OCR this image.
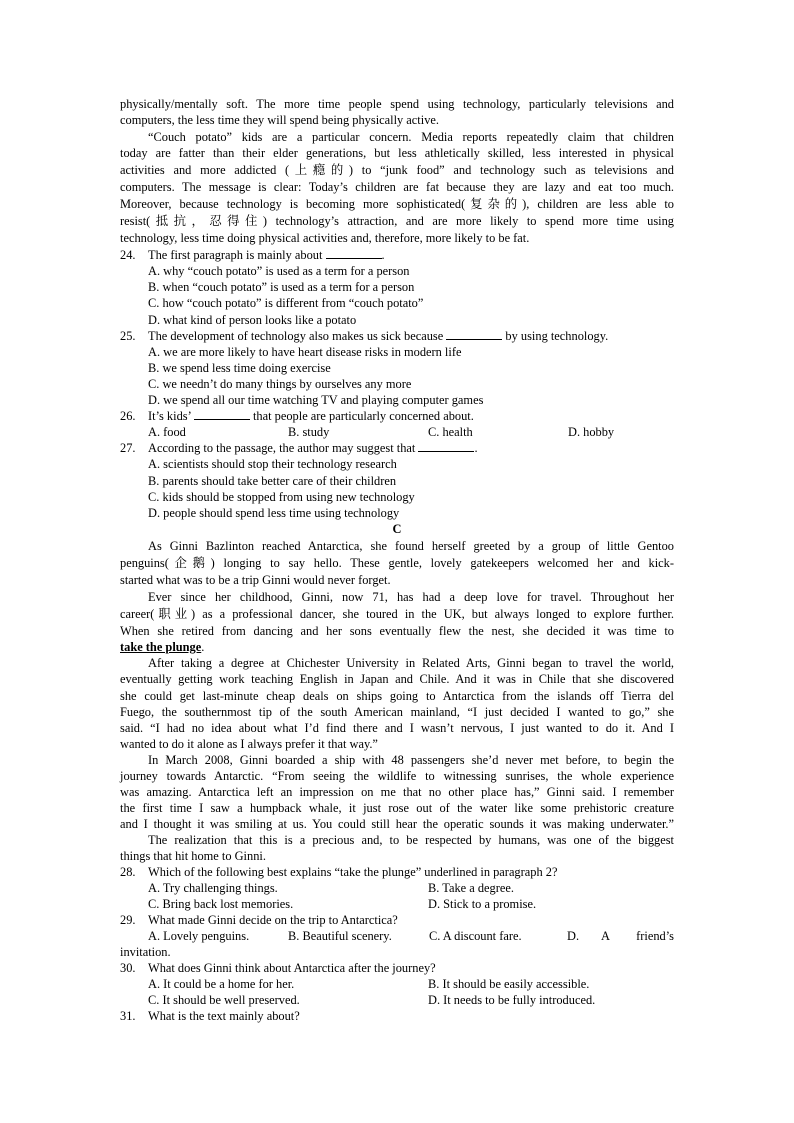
physically/mentally soft. The more time people spend using technology, particularly televisions and
computers, the less time they will spend being physically active.
“Couch potato” kids are a particular concern. Media reports repeatedly claim that children
today are fatter than their elder generations, but less athletically skilled, less interested in physical
activities and more addicted (上瘾的) to “junk food” and technology such as televisions and
computers. The message is clear: Today’s children are fat because they are lazy and eat too much.
Moreover, because technology is becoming more sophisticated(复杂的), children are less able to
resist(抵抗，忍得住) technology’s attraction, and are more likely to spend more time using
technology, less time doing physical activities and, therefore, more likely to be fat.
24. The first paragraph is mainly about	.
A. why “couch potato” is used as a term for a person
B. when “couch potato” is used as a term for a person
C. how “couch potato” is different from “couch potato”
D. what kind of person looks like a potato
25. The development of technology also makes us sick because	by using technology.
A. we are more likely to have heart disease risks in modern life
B. we spend less time doing exercise
C. we needn’t do many things by ourselves any more
D. we spend all our time watching TV and playing computer games
26. It’s kids’	that people are particularly concerned about.
A. food	B. study	C. health	D. hobby
27. According to the passage, the author may suggest that	.
A. scientists should stop their technology research
B. parents should take better care of their children
C. kids should be stopped from using new technology
D. people should spend less time using technology
C
As Ginni Bazlinton reached Antarctica, she found herself greeted by a group of little Gentoo
penguins(企鹅) longing to say hello. These gentle, lovely gatekeepers welcomed her and kick-
started what was to be a trip Ginni would never forget.
Ever since her childhood, Ginni, now 71, has had a deep love for travel. Throughout her
career(职业) as a professional dancer, she toured in the UK, but always longed to explore further.
When she retired from dancing and her sons eventually flew the nest, she decided it was time to
take the plunge.
After taking a degree at Chichester University in Related Arts, Ginni began to travel the world,
eventually getting work teaching English in Japan and Chile. And it was in Chile that she discovered
she could get last-minute cheap deals on ships going to Antarctica from the islands off Tierra del
Fuego, the southernmost tip of the south American mainland, “I just decided I wanted to go,” she
said. “I had no idea about what I’d find there and I wasn’t nervous, I just wanted to do it. And I
wanted to do it alone as I always prefer it that way.”
In March 2008, Ginni boarded a ship with 48 passengers she’d never met before, to begin the
journey towards Antarctic. “From seeing the wildlife to witnessing sunrises, the whole experience
was amazing. Antarctica left an impression on me that no other place has,” Ginni said. I remember
the first time I saw a humpback whale, it just rose out of the water like some prehistoric creature
and I thought it was smiling at us. You could still hear the operatic sounds it was making underwater.”
The realization that this is a precious and, to be respected by humans, was one of the biggest
things that hit home to Ginni.
28. Which of the following best explains “take the plunge” underlined in paragraph 2?
A. Try challenging things.	B. Take a degree.
C. Bring back lost memories.	D. Stick to a promise.
29. What made Ginni decide on the trip to Antarctica?
A. Lovely penguins.	B. Beautiful scenery.	C. A discount fare.	D. A friend’s
invitation.
30. What does Ginni think about Antarctica after the journey?
A. It could be a home for her.	B. It should be easily accessible.
C. It should be well preserved.	D. It needs to be fully introduced.
31. What is the text mainly about?
